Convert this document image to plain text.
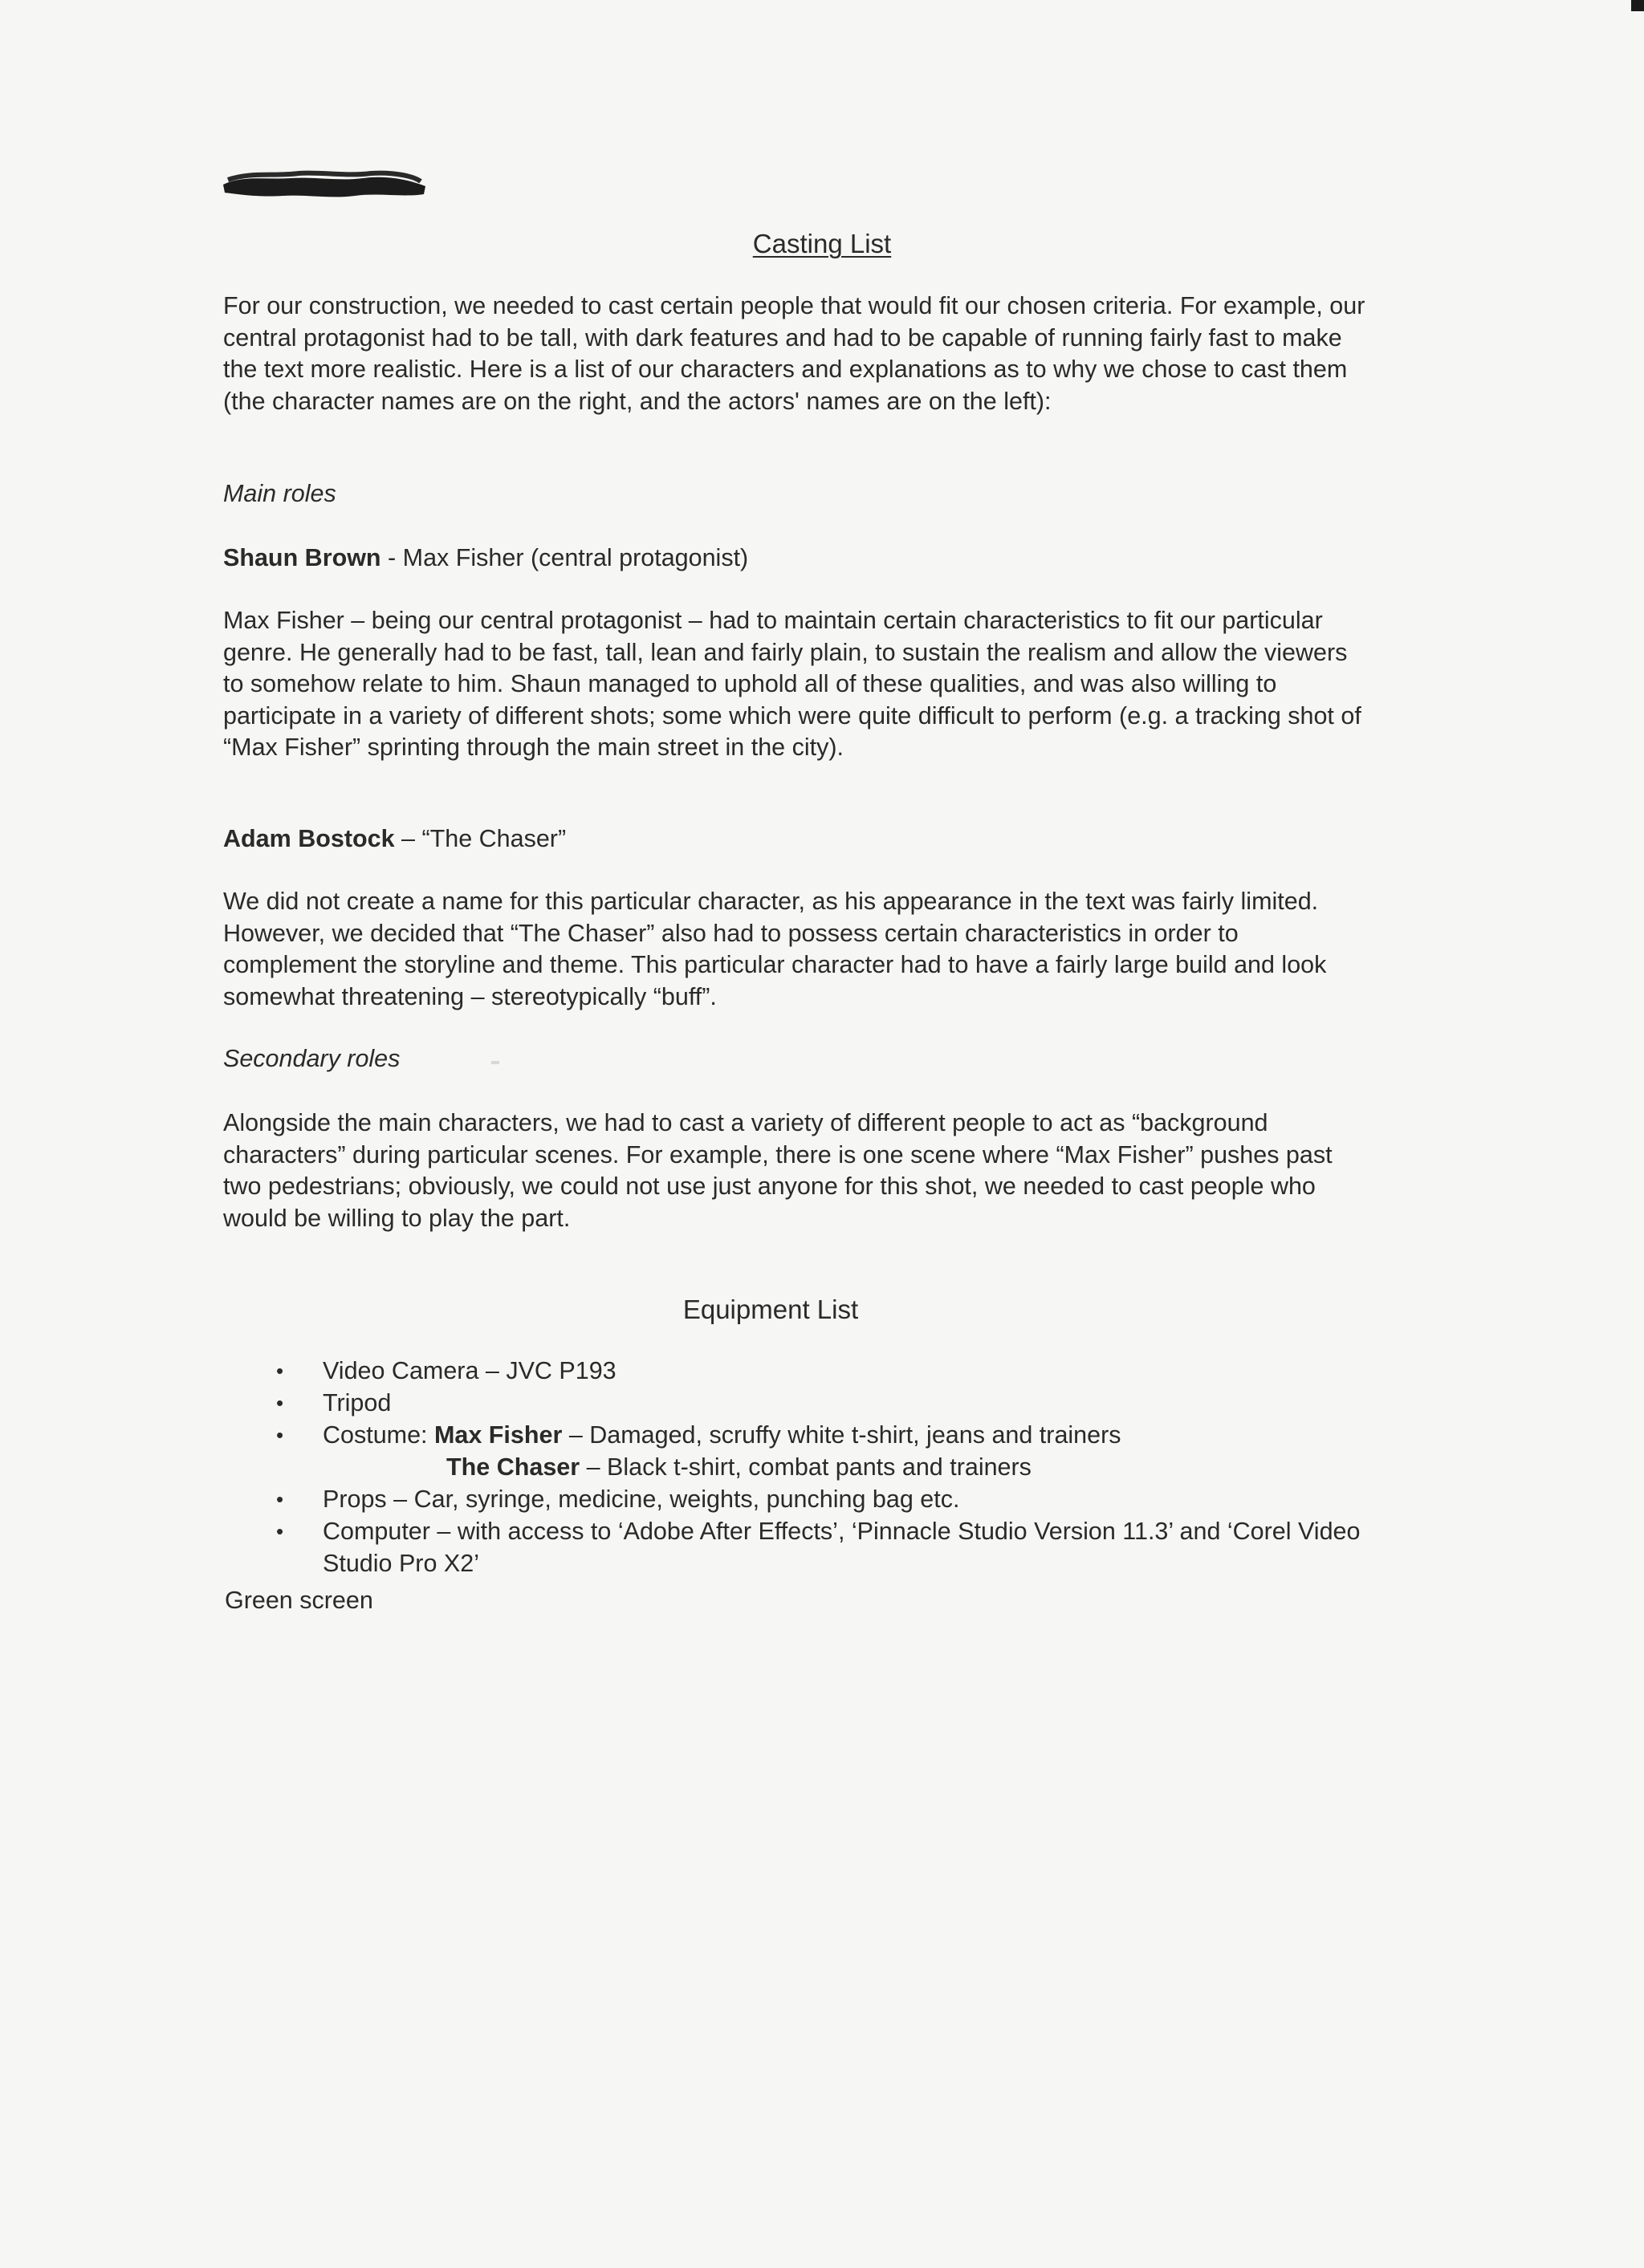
Casting List

For our construction, we needed to cast certain people that would fit our chosen criteria. For example, our central protagonist had to be tall, with dark features and had to be capable of running fairly fast to make the text more realistic. Here is a list of our characters and explanations as to why we chose to cast them (the character names are on the right, and the actors' names are on the left):

Main roles

Shaun Brown - Max Fisher (central protagonist)

Max Fisher – being our central protagonist – had to maintain certain characteristics to fit our particular genre. He generally had to be fast, tall, lean and fairly plain, to sustain the realism and allow the viewers to somehow relate to him. Shaun managed to uphold all of these qualities, and was also willing to participate in a variety of different shots; some which were quite difficult to perform (e.g. a tracking shot of “Max Fisher” sprinting through the main street in the city).

Adam Bostock – “The Chaser”

We did not create a name for this particular character, as his appearance in the text was fairly limited. However, we decided that “The Chaser” also had to possess certain characteristics in order to complement the storyline and theme. This particular character had to have a fairly large build and look somewhat threatening – stereotypically “buff”.

Secondary roles

Alongside the main characters, we had to cast a variety of different people to act as “background characters” during particular scenes. For example, there is one scene where “Max Fisher” pushes past two pedestrians; obviously, we could not use just anyone for this shot, we needed to cast people who would be willing to play the part.

Equipment List
• Video Camera – JVC P193
• Tripod
• Costume: Max Fisher – Damaged, scruffy white t-shirt, jeans and trainers
The Chaser – Black t-shirt, combat pants and trainers
• Props – Car, syringe, medicine, weights, punching bag etc.
• Computer – with access to ‘Adobe After Effects’, ‘Pinnacle Studio Version 11.3’ and ‘Corel Video Studio Pro X2’
Green screen
